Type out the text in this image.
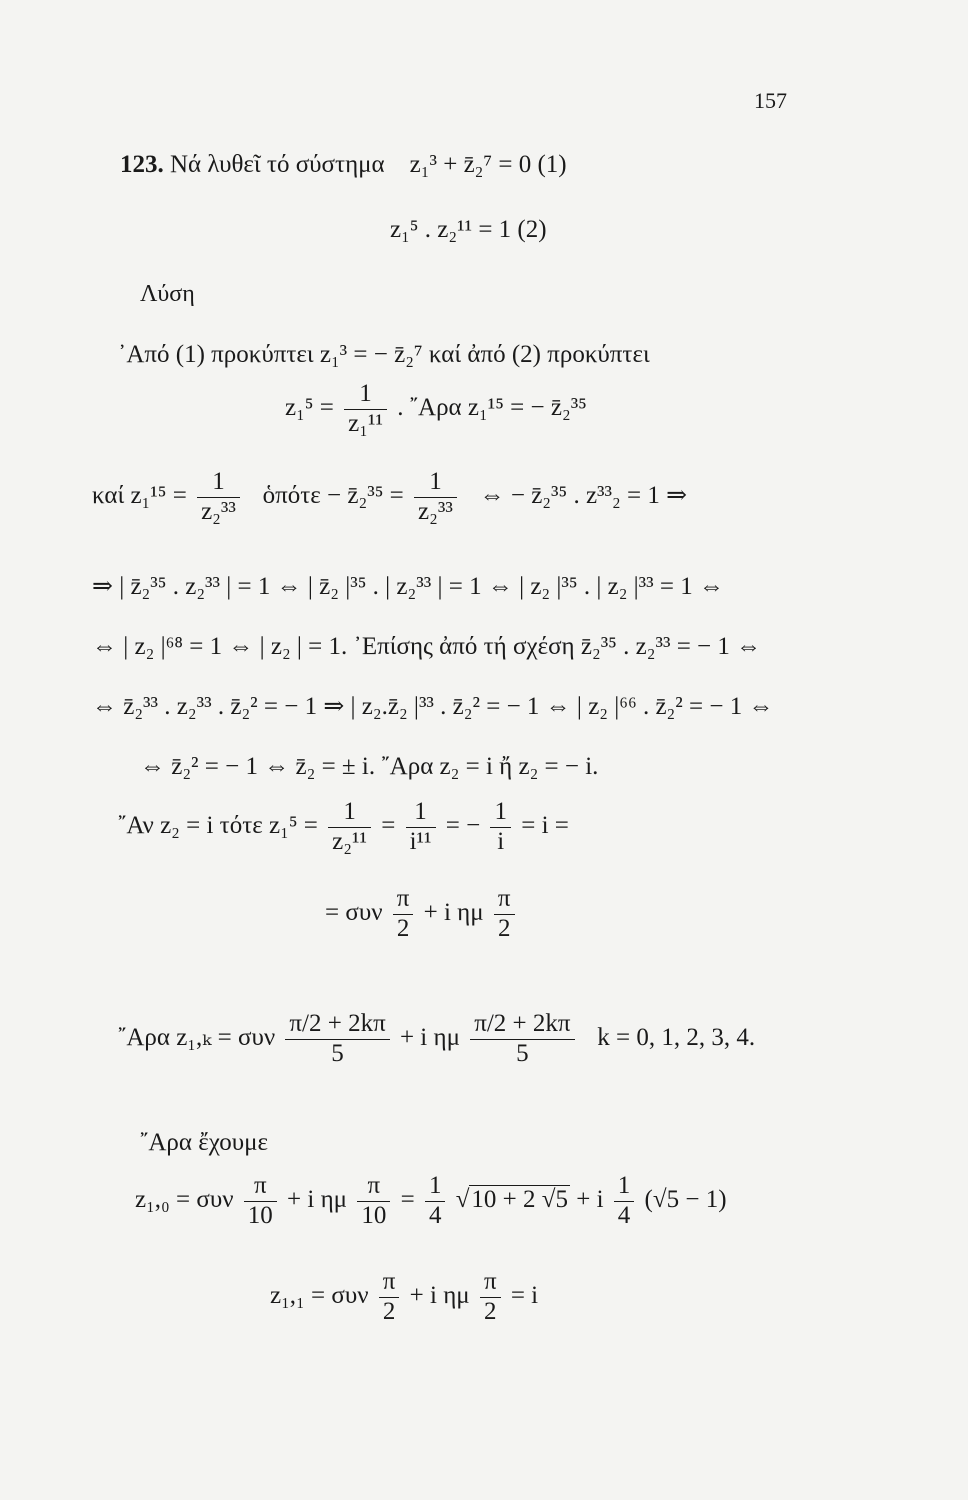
157
123. Νά λυθεῖ τό σύστημα z₁³ + z̄₂⁷ = 0 (1)
z₁⁵ . z₂¹¹ = 1 (2)
Λύση
᾽Από (1) προκύπτει z₁³ = − z̄₂⁷ καί ἀπό (2) προκύπτει
$z_1^5 = \frac{1}{\text{z₁¹¹}}$ . ῎Αρα z₁¹⁵ = − z̄₂³⁵
καί $z_1^{15} = \frac{1}{\text{z₂³³}}$ ὁπότε − z̄₂³⁵ = $\frac{1}{\text{z₂³³}}$ ⇔ − z̄₂³⁵ . z³³₂ = 1 ⇒
⇒ | z̄₂³⁵ . z₂³³ | = 1 ⇔ | z̄₂ |³⁵ . | z₂³³ | = 1 ⇔ | z₂ |³⁵ . | z₂ |³³ = 1 ⇔
⇔ | z₂ |⁶⁸ = 1 ⇔ | z₂ | = 1. ᾽Επίσης ἀπό τή σχέση z̄₂³⁵ . z₂³³ = − 1 ⇔
⇔ z̄₂³³ . z₂³³ . z̄₂² = − 1 ⇒ | z₂.z̄₂ |³³ . z̄₂² = − 1 ⇔ | z₂ |⁶⁶ . z̄₂² = − 1 ⇔
⇔ z̄₂² = − 1 ⇔ z̄₂ = ± i. ῎Αρα z₂ = i ἤ z₂ = − i.
῎Αν z₂ = i τότε $z_1^5 = \frac{1}{\text{z₂¹¹}} = \frac{1}{\text{i¹¹}}$ = − $\frac{1}{i} = i$ =
= συν $\frac{\pi}{2} + i$ ημ $\frac{\pi}{2}$
῎Αρα z₁,ₖ = συν $\frac{\pi/2 + 2k\pi}{5} + i$ ημ $\frac{\pi/2 + 2k\pi}{5}$ k = 0, 1, 2, 3, 4.
῎Αρα ἔχουμε
z₁,₀ = συν $\frac{\pi}{10} + i$ ημ $\frac{\pi}{10} = \frac{1}{4} √10 + 2$ √5 + i $\frac{1}{4} (√5 - 1)$
z₁,₁ = συν $\frac{\pi}{2} + i$ ημ $\frac{\pi}{2} = i$
